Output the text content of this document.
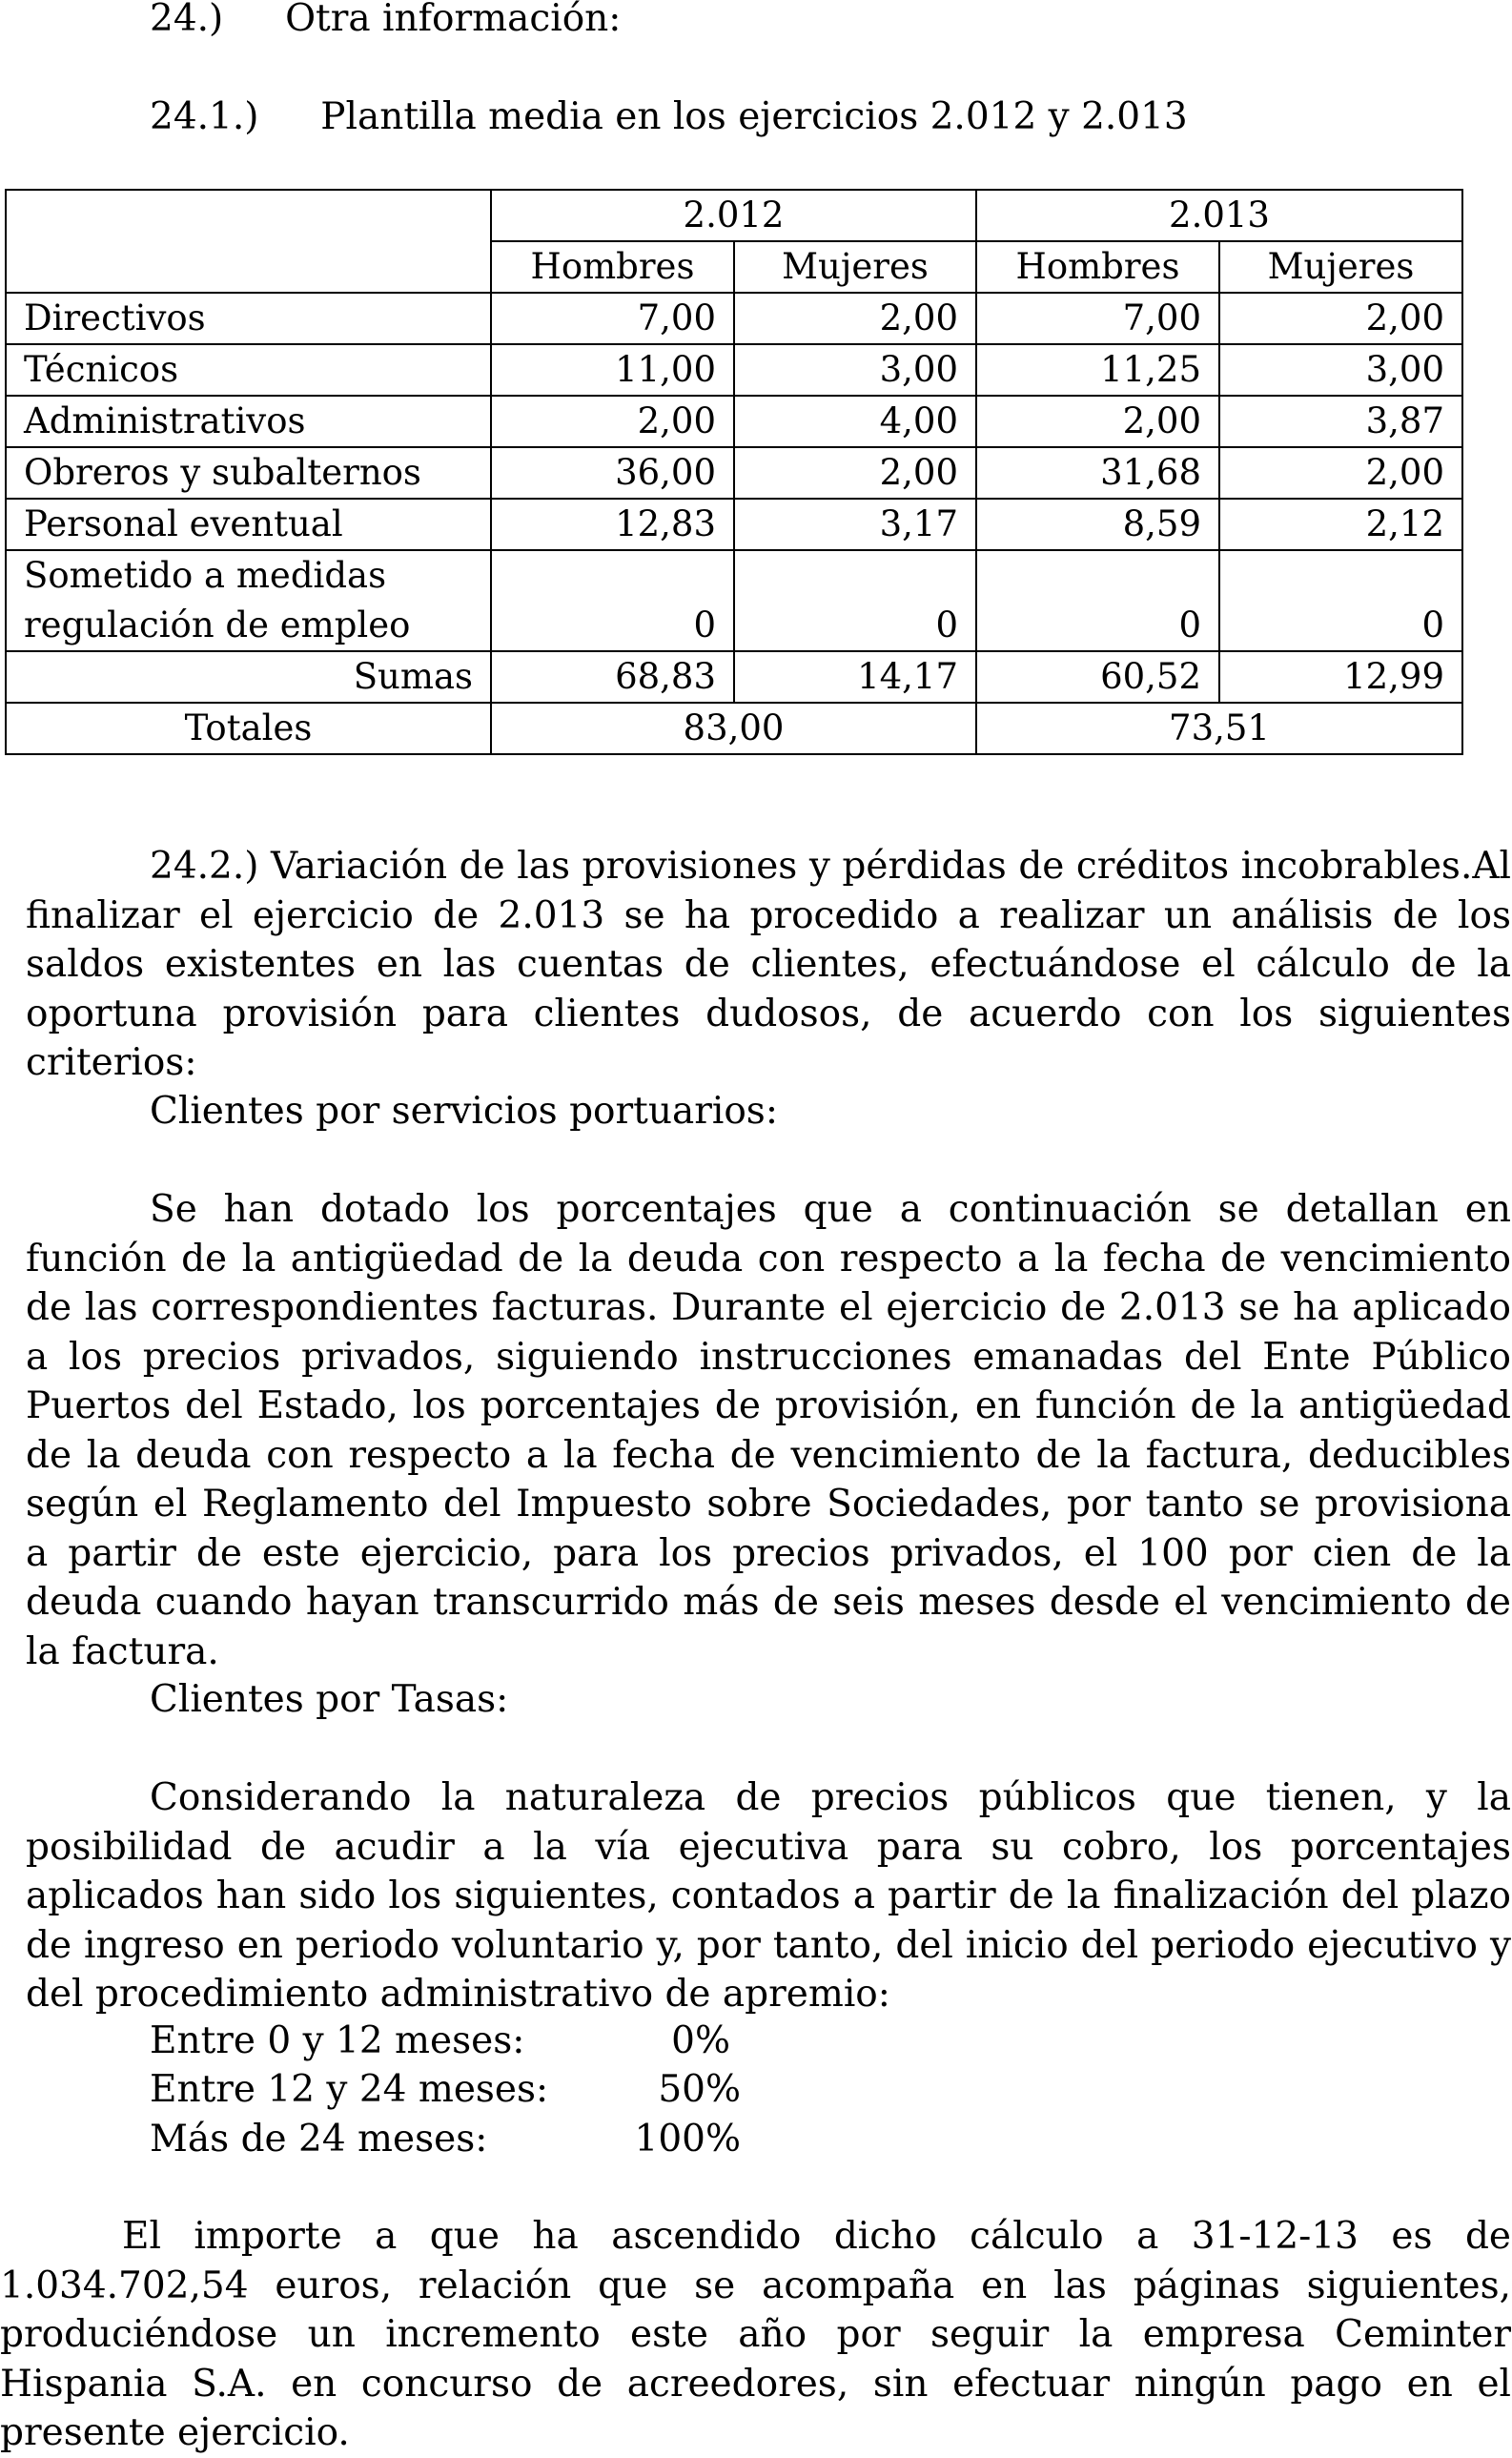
24.) Otra información:
24.1.) Plantilla media en los ejercicios 2.012 y 2.013
	2.012		2.013	
	Hombres	Mujeres	Hombres	Mujeres
Directivos	7,00	2,00	7,00	2,00
Técnicos	11,00	3,00	11,25	3,00
Administrativos	2,00	4,00	2,00	3,87
Obreros y subalternos	36,00	2,00	31,68	2,00
Personal eventual	12,83	3,17	8,59	2,12

Sometido a medidas
regulación de empleo	0	0	0	0
Sumas	68,83	14,17	60,52	12,99
Totales	83,00		73,51	
24.2.) Variación de las provisiones y pérdidas de créditos incobrables.Al finalizar el ejercicio de 2.013 se ha procedido a realizar un análisis de los saldos existentes en las cuentas de clientes, efectuándose el cálculo de la oportuna provisión para clientes dudosos, de acuerdo con los siguientes criterios:
Clientes por servicios portuarios:
Se han dotado los porcentajes que a continuación se detallan en función de la antigüedad de la deuda con respecto a la fecha de vencimiento de las correspondientes facturas. Durante el ejercicio de 2.013 se ha aplicado a los precios privados, siguiendo instrucciones emanadas del Ente Público Puertos del Estado, los porcentajes de provisión, en función de la antigüedad de la deuda con respecto a la fecha de vencimiento de la factura, deducibles según el Reglamento del Impuesto sobre Sociedades, por tanto se provisiona a partir de este ejercicio, para los precios privados, el 100 por cien de la deuda cuando hayan transcurrido más de seis meses desde el vencimiento de la factura.
Clientes por Tasas:
Considerando la naturaleza de precios públicos que tienen, y la posibilidad de acudir a la vía ejecutiva para su cobro, los porcentajes aplicados han sido los siguientes, contados a partir de la finalización del plazo de ingreso en periodo voluntario y, por tanto, del inicio del periodo ejecutivo y del procedimiento administrativo de apremio:
Entre 0 y 12 meses:	0%
Entre 12 y 24 meses:	50%
Más de 24 meses:	100%
El importe a que ha ascendido dicho cálculo a 31-12-13 es de 1.034.702,54 euros, relación que se acompaña en las páginas siguientes, produciéndose un incremento este año por seguir la empresa Ceminter Hispania S.A. en concurso de acreedores, sin efectuar ningún pago en el presente ejercicio.
